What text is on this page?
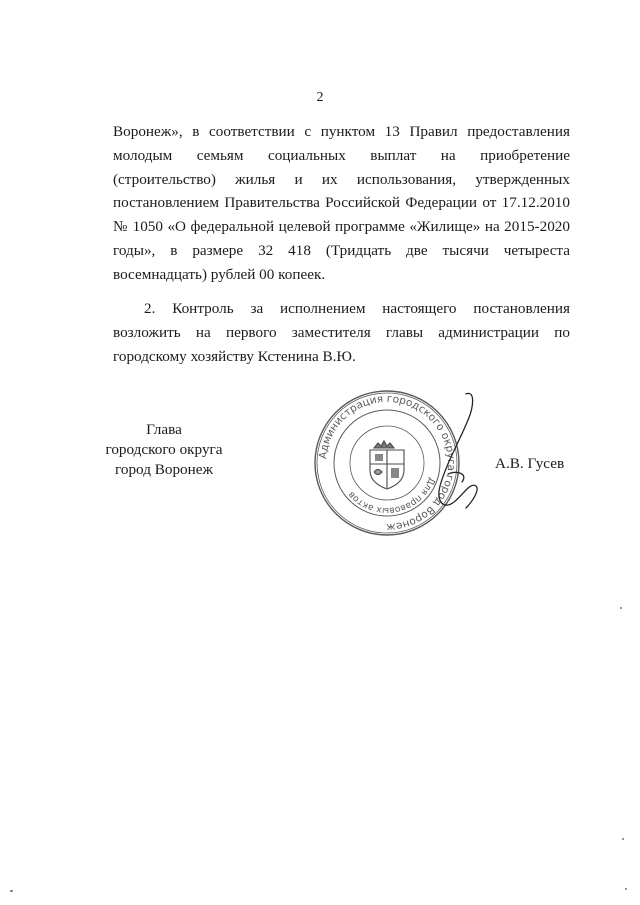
2

Воронеж», в соответствии с пунктом 13 Правил предоставления молодым семьям социальных выплат на приобретение (строительство) жилья и их использования, утвержденных постановлением Правительства Российской Федерации от 17.12.2010 № 1050 «О федеральной целевой программе «Жилище» на 2015-2020 годы», в размере 32 418 (Тридцать две тысячи четыреста восемнадцать) рублей 00 копеек.

2. Контроль за исполнением настоящего постановления возложить на первого заместителя главы администрации по городскому хозяйству Кстенина В.Ю.

Глава
городского округа
город Воронеж
Администрация городского округа город Воронеж
Для правовых актов
А.В. Гусев
